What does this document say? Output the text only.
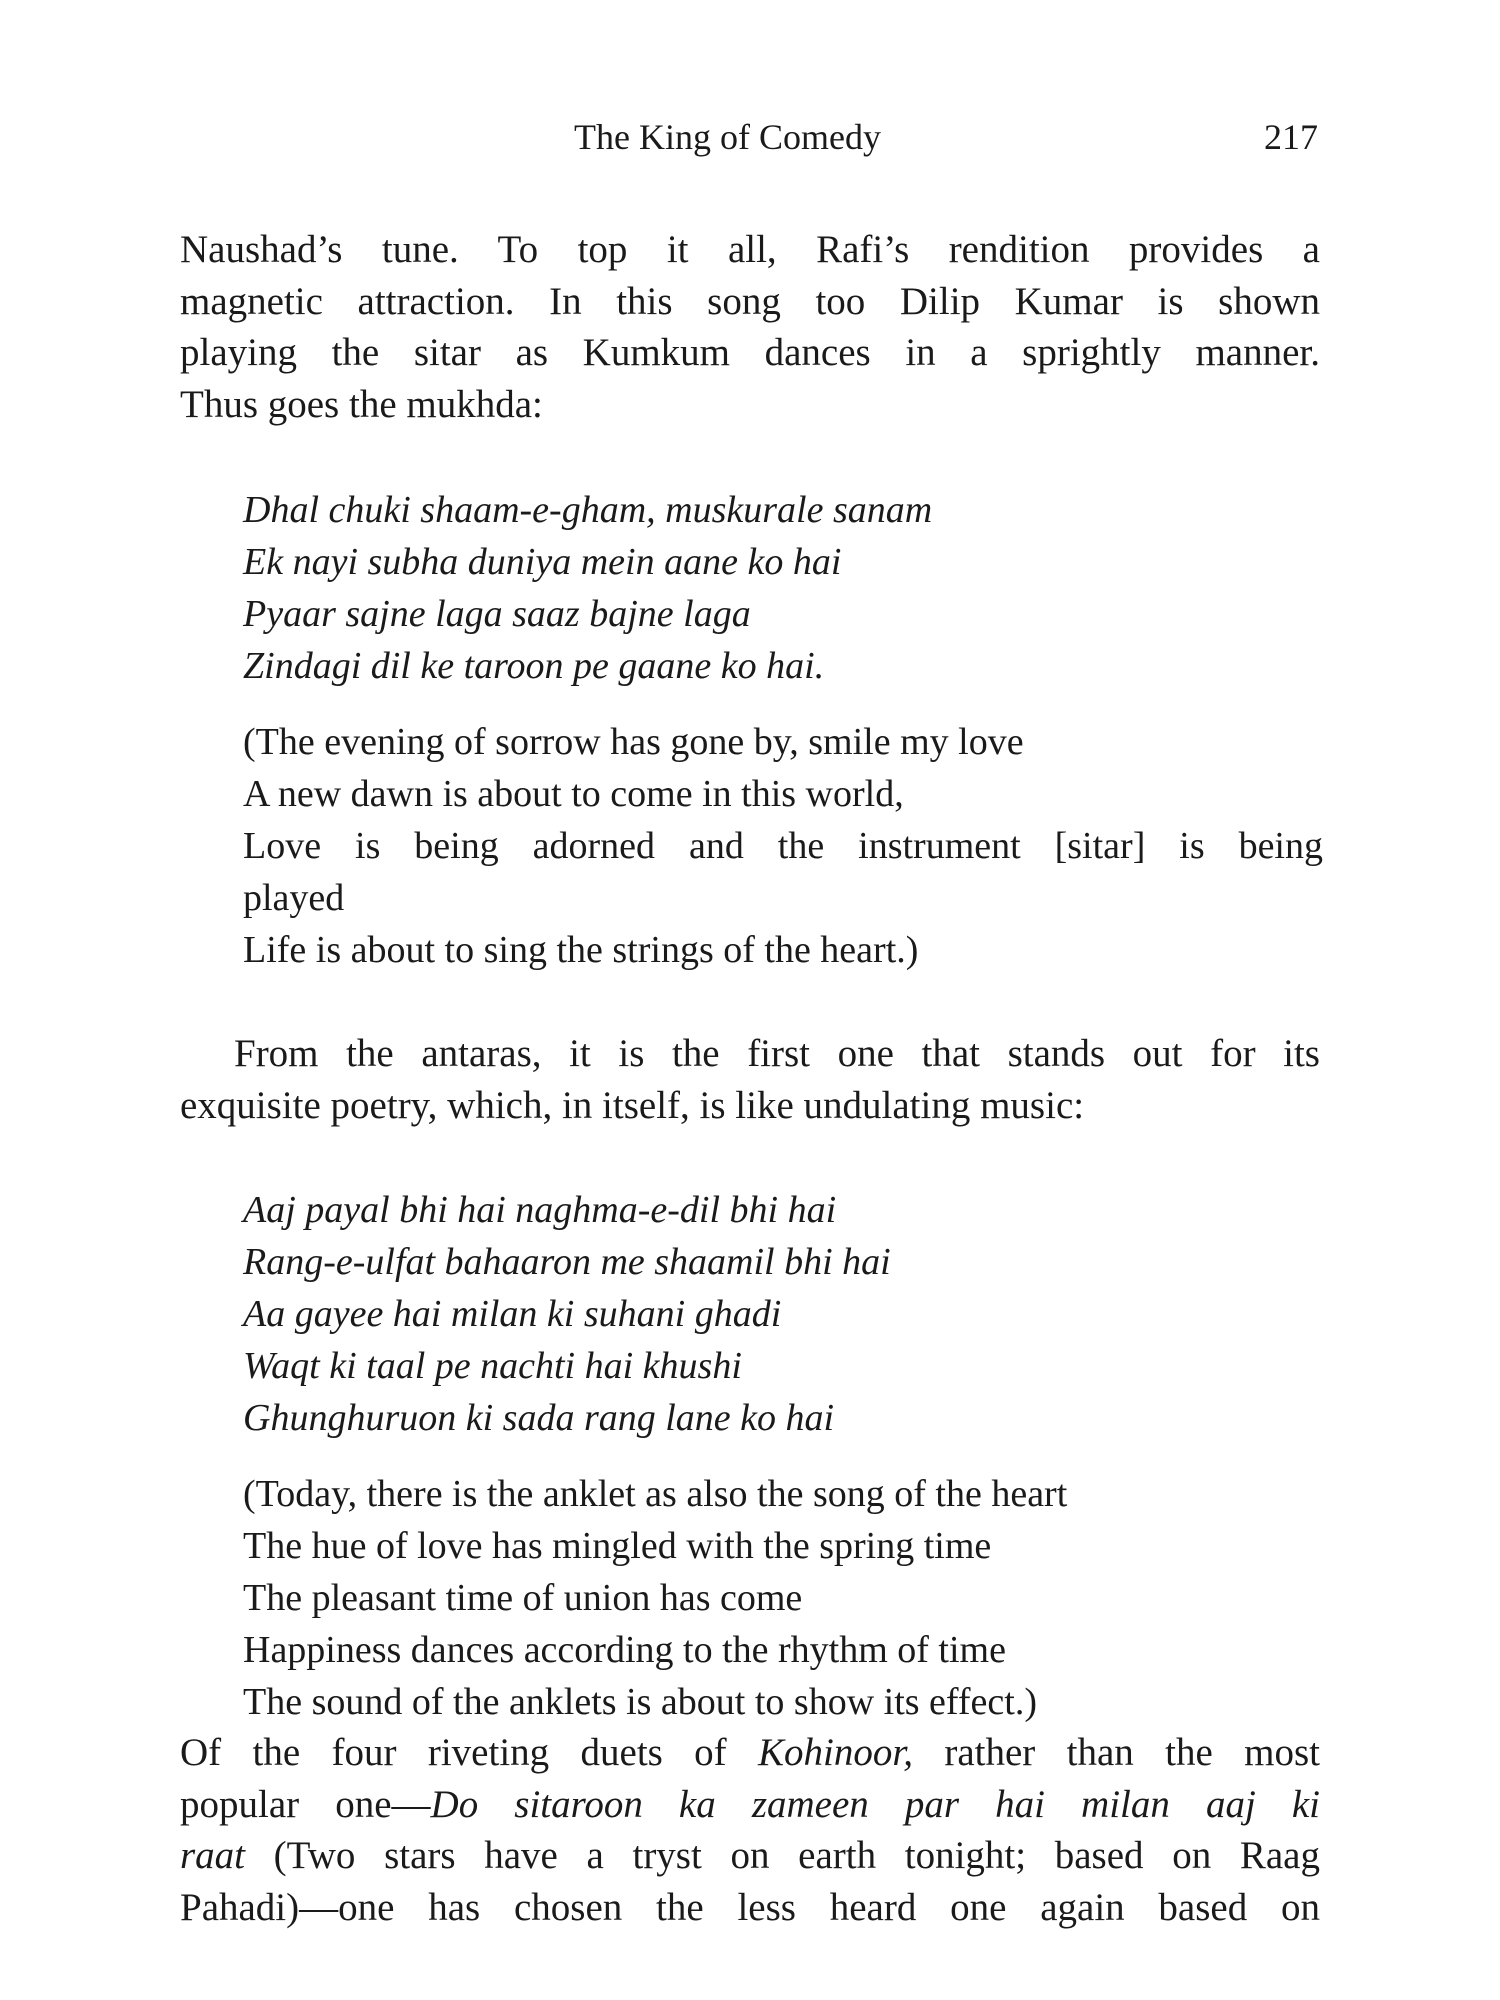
The King of Comedy	217
Naushad’s tune. To top it all, Rafi’s rendition provides a
magnetic attraction. In this song too Dilip Kumar is shown
playing the sitar as Kumkum dances in a sprightly manner.
Thus goes the mukhda:
Dhal chuki shaam-e-gham, muskurale sanam
Ek nayi subha duniya mein aane ko hai
Pyaar sajne laga saaz bajne laga
Zindagi dil ke taroon pe gaane ko hai.
(The evening of sorrow has gone by, smile my love
A new dawn is about to come in this world,
Love is being adorned and the instrument [sitar] is being
played
Life is about to sing the strings of the heart.)
From the antaras, it is the first one that stands out for its
exquisite poetry, which, in itself, is like undulating music:
Aaj payal bhi hai naghma-e-dil bhi hai
Rang-e-ulfat bahaaron me shaamil bhi hai
Aa gayee hai milan ki suhani ghadi
Waqt ki taal pe nachti hai khushi
Ghunghuruon ki sada rang lane ko hai
(Today, there is the anklet as also the song of the heart
The hue of love has mingled with the spring time
The pleasant time of union has come
Happiness dances according to the rhythm of time
The sound of the anklets is about to show its effect.)
Of the four riveting duets of Kohinoor, rather than the most
popular one—Do sitaroon ka zameen par hai milan aaj ki
raat (Two stars have a tryst on earth tonight; based on Raag
Pahadi)—one has chosen the less heard one again based on
